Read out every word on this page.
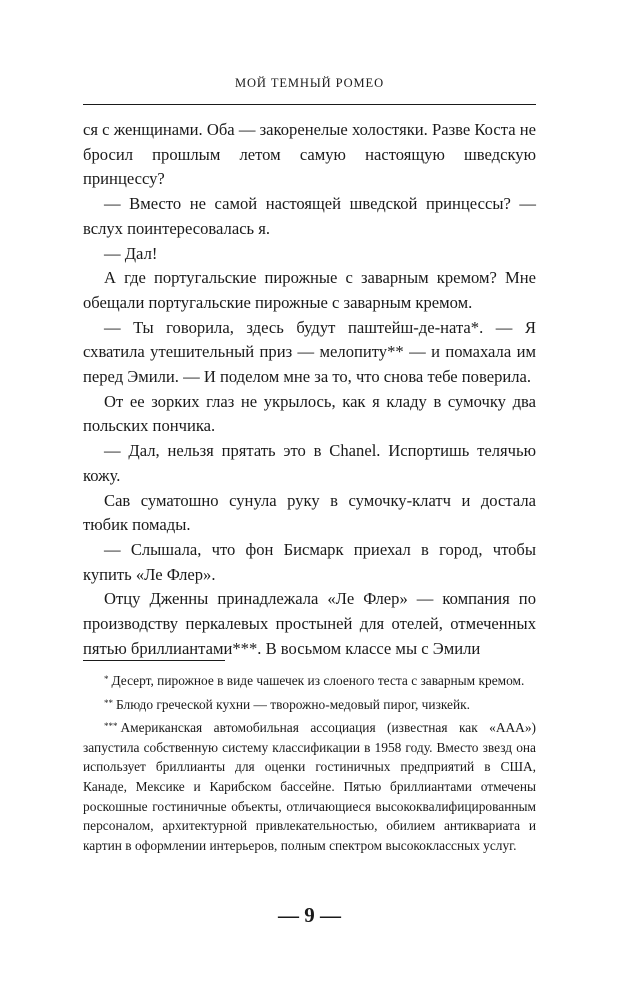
МОЙ ТЕМНЫЙ РОМЕО

ся с женщинами. Оба — закоренелые холостяки. Разве Коста не бросил прошлым летом самую настоящую шведскую принцессу?

— Вместо не самой настоящей шведской принцессы? — вслух поинтересовалась я.

— Дал!

А где португальские пирожные с заварным кремом? Мне обещали португальские пирожные с заварным кремом.

— Ты говорила, здесь будут паштейш-де-ната*. — Я схватила утешительный приз — мелопиту** — и помахала им перед Эмили. — И поделом мне за то, что снова тебе поверила.

От ее зорких глаз не укрылось, как я кладу в сумочку два польских пончика.

— Дал, нельзя прятать это в Chanel. Испортишь телячью кожу.

Сав суматошно сунула руку в сумочку-клатч и достала тюбик помады.

— Слышала, что фон Бисмарк приехал в город, чтобы купить «Ле Флер».

Отцу Дженны принадлежала «Ле Флер» — компания по производству перкалевых простыней для отелей, отмеченных пятью бриллиантами***. В восьмом классе мы с Эмили

* Десерт, пирожное в виде чашечек из слоеного теста с заварным кремом.

** Блюдо греческой кухни — творожно-медовый пирог, чизкейк.

*** Американская автомобильная ассоциация (известная как «AAA») запустила собственную систему классификации в 1958 году. Вместо звезд она использует бриллианты для оценки гостиничных предприятий в США, Канаде, Мексике и Карибском бассейне. Пятью бриллиантами отмечены роскошные гостиничные объекты, отличающиеся высококвалифицированным персоналом, архитектурной привлекательностью, обилием антиквариата и картин в оформлении интерьеров, полным спектром высококлассных услуг.

— 9 —
